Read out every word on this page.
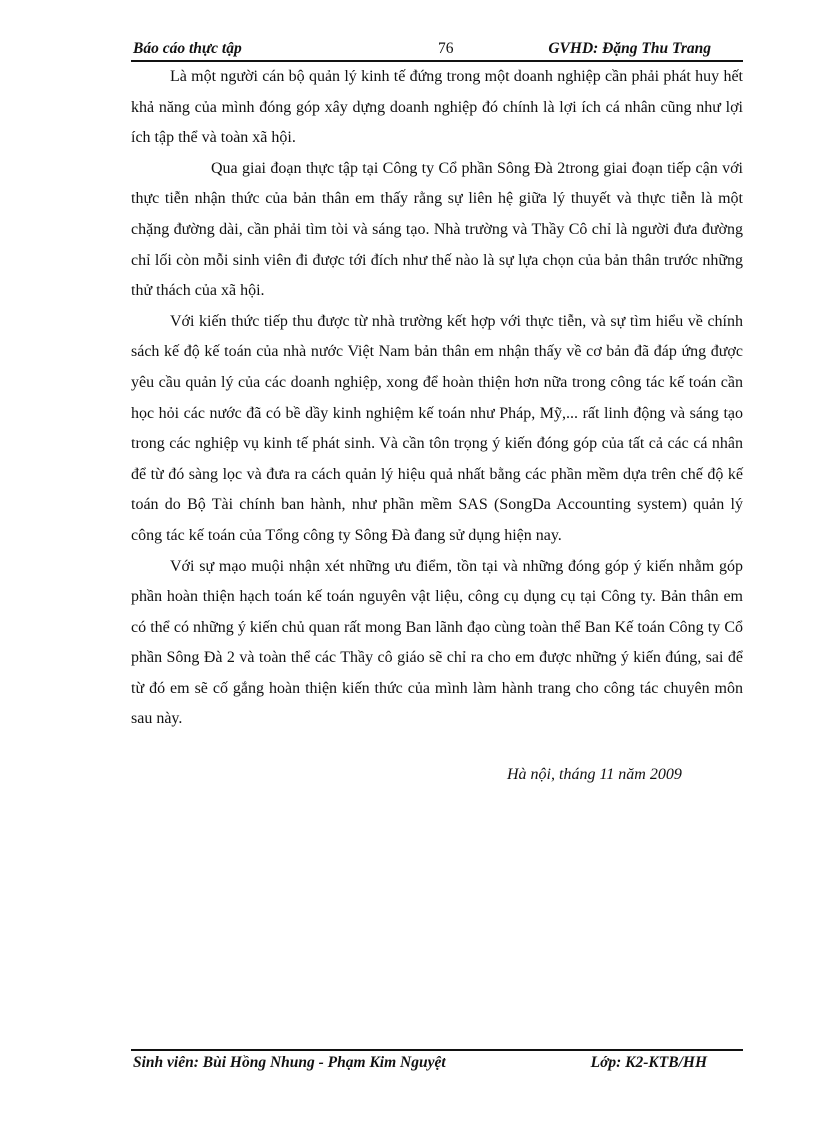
Báo cáo thực tập	76	GVHD: Đặng Thu Trang

Là một người cán bộ quản lý kinh tế đứng trong một doanh nghiệp cần phải phát huy hết khả năng của mình đóng góp xây dựng doanh nghiệp đó chính là lợi ích cá nhân cũng như lợi ích tập thể và toàn xã hội.

Qua giai đoạn thực tập tại Công ty Cổ phần Sông Đà 2trong giai đoạn tiếp cận với thực tiễn nhận thức của bản thân em thấy rằng sự liên hệ giữa lý thuyết và thực tiễn là một chặng đường dài, cần phải tìm tòi và sáng tạo. Nhà trường và Thầy Cô chỉ là người đưa đường chỉ lối còn mỗi sinh viên đi được tới đích như thế nào là sự lựa chọn của bản thân trước những thử thách của xã hội.

Với kiến thức tiếp thu được từ nhà trường kết hợp với thực tiễn, và sự tìm hiểu về chính sách kế độ kế toán của nhà nước Việt Nam bản thân em nhận thấy về cơ bản đã đáp ứng được yêu cầu quản lý của các doanh nghiệp, xong để hoàn thiện hơn nữa trong công tác kế toán cần học hỏi các nước đã có bề dầy kinh nghiệm kế toán như Pháp, Mỹ,... rất linh động và sáng tạo trong các nghiệp vụ kinh tế phát sinh. Và cần tôn trọng ý kiến đóng góp của tất cả các cá nhân để từ đó sàng lọc và đưa ra cách quản lý hiệu quả nhất bằng các phần mềm dựa trên chế độ kế toán do Bộ Tài chính ban hành, như phần mềm SAS (SongDa Accounting system) quản lý công tác kế toán của Tổng công ty Sông Đà đang sử dụng hiện nay.

Với sự mạo muội nhận xét những ưu điểm, tồn tại và những đóng góp ý kiến nhằm góp phần hoàn thiện hạch toán kế toán nguyên vật liệu, công cụ dụng cụ tại Công ty. Bản thân em có thể có những ý kiến chủ quan rất mong Ban lãnh đạo cùng toàn thể Ban Kế toán Công ty Cổ phần Sông Đà 2 và toàn thể các Thầy cô giáo sẽ chỉ ra cho em được những ý kiến đúng, sai để từ đó em sẽ cố gắng hoàn thiện kiến thức của mình làm hành trang cho công tác chuyên môn sau này.

Hà nội, tháng 11 năm 2009
Sinh viên: Bùi Hồng Nhung - Phạm Kim Nguyệt	Lớp: K2-KTB/HH
